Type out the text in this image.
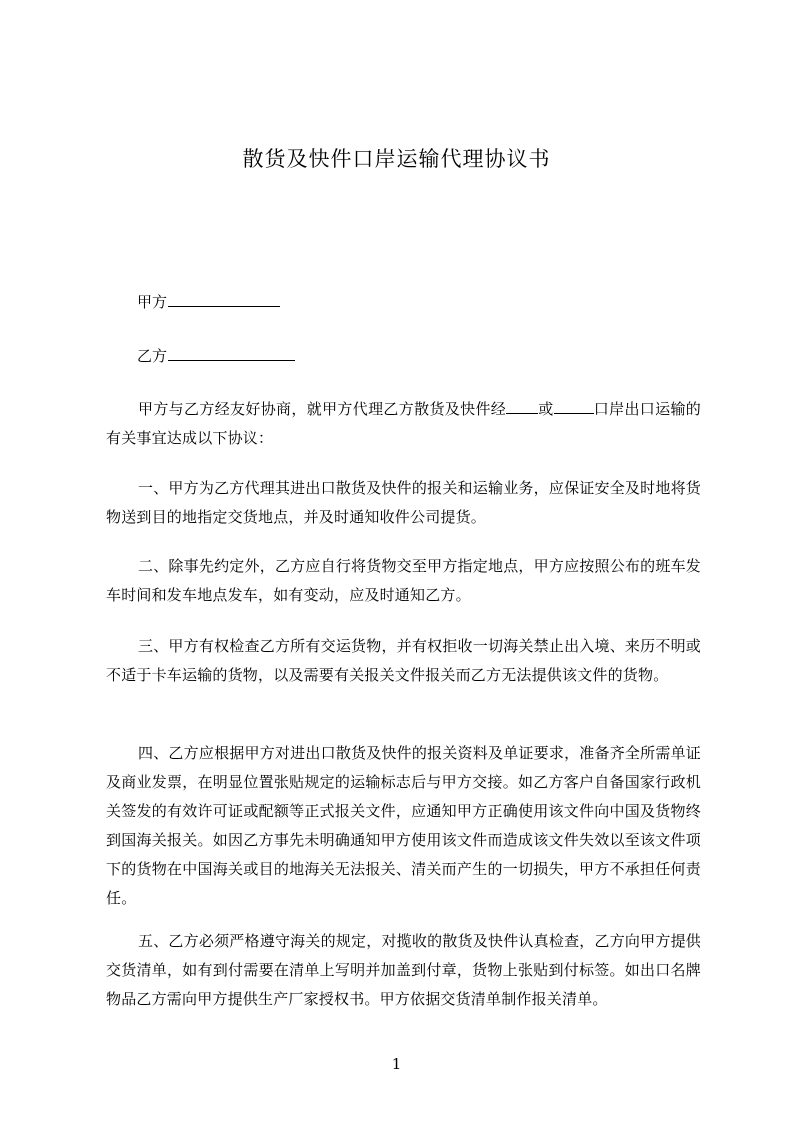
散货及快件口岸运输代理协议书
甲方
乙方
甲方与乙方经友好协商，就甲方代理乙方散货及快件经 或	口岸出口运输的有关事宜达成以下协议：
一、甲方为乙方代理其进出口散货及快件的报关和运输业务，应保证安全及时地将货物送到目的地指定交货地点，并及时通知收件公司提货。
二、除事先约定外，乙方应自行将货物交至甲方指定地点，甲方应按照公布的班车发车时间和发车地点发车，如有变动，应及时通知乙方。
三、甲方有权检查乙方所有交运货物，并有权拒收一切海关禁止出入境、来历不明或不适于卡车运输的货物，以及需要有关报关文件报关而乙方无法提供该文件的货物。
四、乙方应根据甲方对进出口散货及快件的报关资料及单证要求，准备齐全所需单证及商业发票，在明显位置张贴规定的运输标志后与甲方交接。如乙方客户自备国家行政机关签发的有效许可证或配额等正式报关文件，应通知甲方正确使用该文件向中国及货物终到国海关报关。如因乙方事先未明确通知甲方使用该文件而造成该文件失效以至该文件项下的货物在中国海关或目的地海关无法报关、清关而产生的一切损失，甲方不承担任何责任。
五、乙方必须严格遵守海关的规定，对揽收的散货及快件认真检查，乙方向甲方提供交货清单，如有到付需要在清单上写明并加盖到付章，货物上张贴到付标签。如出口名牌物品乙方需向甲方提供生产厂家授权书。甲方依据交货清单制作报关清单。
1
